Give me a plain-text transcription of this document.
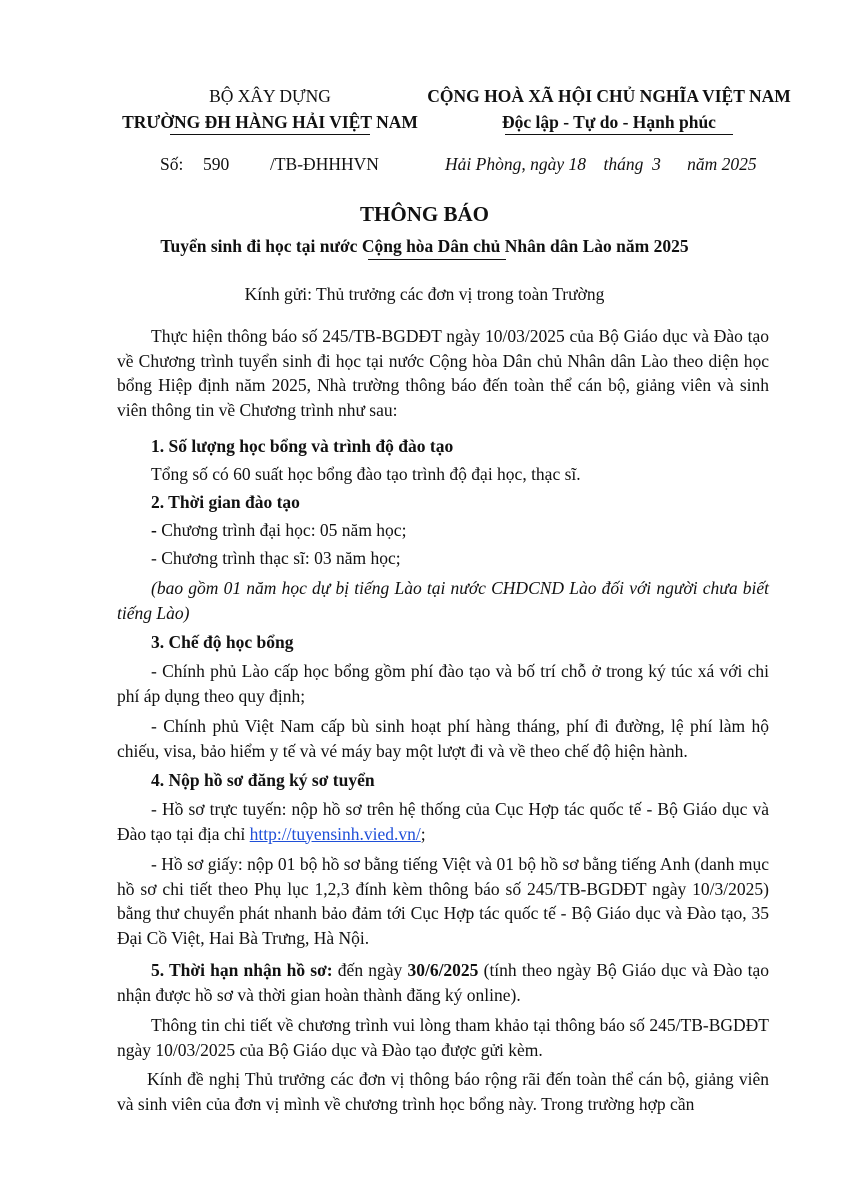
BỘ XÂY DỰNG
TRƯỜNG ĐH HÀNG HẢI VIỆT NAM
CỘNG HOÀ XÃ HỘI CHỦ NGHĨA VIỆT NAM
Độc lập - Tự do - Hạnh phúc
Số: 590 /TB-ĐHHHVN	Hải Phòng, ngày 18    tháng  3      năm 2025
THÔNG BÁO
Tuyển sinh đi học tại nước Cộng hòa Dân chủ Nhân dân Lào năm 2025
Kính gửi: Thủ trưởng các đơn vị trong toàn Trường

Thực hiện thông báo số 245/TB-BGDĐT ngày 10/03/2025 của Bộ Giáo dục và Đào tạo về Chương trình tuyển sinh đi học tại nước Cộng hòa Dân chủ Nhân dân Lào theo diện học bổng Hiệp định năm 2025, Nhà trường thông báo đến toàn thể cán bộ, giảng viên và sinh viên thông tin về Chương trình như sau:

1. Số lượng học bổng và trình độ đào tạo
Tổng số có 60 suất học bổng đào tạo trình độ đại học, thạc sĩ.
2. Thời gian đào tạo
- Chương trình đại học: 05 năm học;
- Chương trình thạc sĩ: 03 năm học;

(bao gồm 01 năm học dự bị tiếng Lào tại nước CHDCND Lào đối với người chưa biết tiếng Lào)

3. Chế độ học bổng

- Chính phủ Lào cấp học bổng gồm phí đào tạo và bố trí chỗ ở trong ký túc xá với chi phí áp dụng theo quy định;

- Chính phủ Việt Nam cấp bù sinh hoạt phí hàng tháng, phí đi đường, lệ phí làm hộ chiếu, visa, bảo hiểm y tế và vé máy bay một lượt đi và về theo chế độ hiện hành.

4. Nộp hồ sơ đăng ký sơ tuyển

- Hồ sơ trực tuyến: nộp hồ sơ trên hệ thống của Cục Hợp tác quốc tế - Bộ Giáo dục và Đào tạo tại địa chỉ http://tuyensinh.vied.vn/;

- Hồ sơ giấy: nộp 01 bộ hồ sơ bằng tiếng Việt và 01 bộ hồ sơ bằng tiếng Anh (danh mục hồ sơ chi tiết theo Phụ lục 1,2,3 đính kèm thông báo số 245/TB-BGDĐT ngày 10/3/2025) bằng thư chuyển phát nhanh bảo đảm tới Cục Hợp tác quốc tế - Bộ Giáo dục và Đào tạo, 35 Đại Cồ Việt, Hai Bà Trưng, Hà Nội.

5. Thời hạn nhận hồ sơ: đến ngày 30/6/2025 (tính theo ngày Bộ Giáo dục và Đào tạo nhận được hồ sơ và thời gian hoàn thành đăng ký online).

Thông tin chi tiết về chương trình vui lòng tham khảo tại thông báo số 245/TB-BGDĐT ngày 10/03/2025 của Bộ Giáo dục và Đào tạo được gửi kèm.

Kính đề nghị Thủ trưởng các đơn vị thông báo rộng rãi đến toàn thể cán bộ, giảng viên và sinh viên của đơn vị mình về chương trình học bổng này. Trong trường hợp cần
